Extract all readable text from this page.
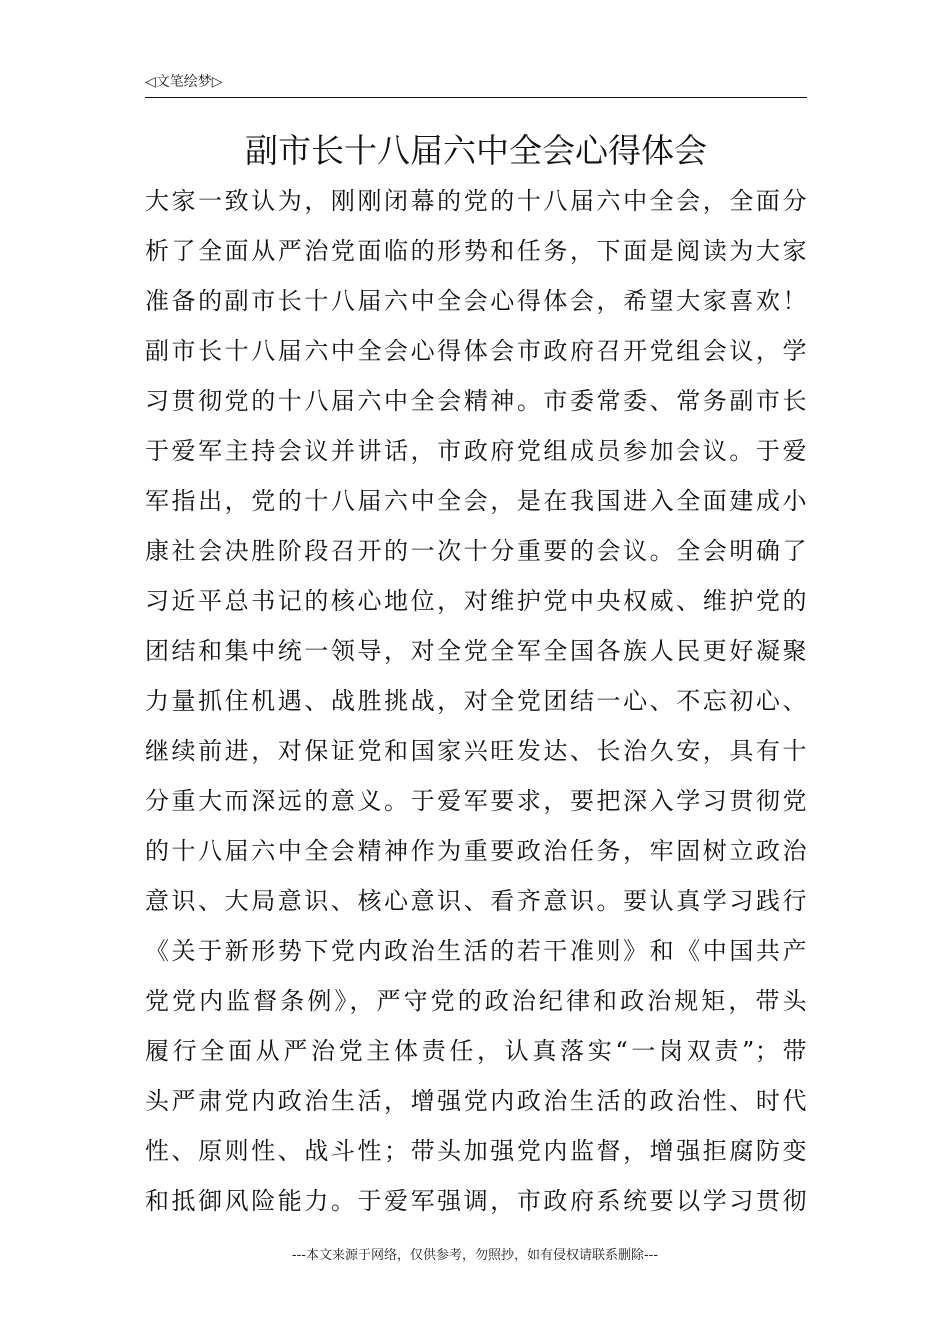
◁文笔绘梦▷
副市长十八届六中全会心得体会
大家一致认为，刚刚闭幕的党的十八届六中全会，全面分
析了全面从严治党面临的形势和任务，下面是阅读为大家
准备的副市长十八届六中全会心得体会，希望大家喜欢！
副市长十八届六中全会心得体会市政府召开党组会议，学
习贯彻党的十八届六中全会精神。市委常委、常务副市长
于爱军主持会议并讲话，市政府党组成员参加会议。于爱
军指出，党的十八届六中全会，是在我国进入全面建成小
康社会决胜阶段召开的一次十分重要的会议。全会明确了
习近平总书记的核心地位，对维护党中央权威、维护党的
团结和集中统一领导，对全党全军全国各族人民更好凝聚
力量抓住机遇、战胜挑战，对全党团结一心、不忘初心、
继续前进，对保证党和国家兴旺发达、长治久安，具有十
分重大而深远的意义。于爱军要求，要把深入学习贯彻党
的十八届六中全会精神作为重要政治任务，牢固树立政治
意识、大局意识、核心意识、看齐意识。要认真学习践行
《关于新形势下党内政治生活的若干准则》和《中国共产
党党内监督条例》，严守党的政治纪律和政治规矩，带头
履行全面从严治党主体责任，认真落实“一岗双责”；带
头严肃党内政治生活，增强党内政治生活的政治性、时代
性、原则性、战斗性；带头加强党内监督，增强拒腐防变
和抵御风险能力。于爱军强调，市政府系统要以学习贯彻
---本文来源于网络，仅供参考，勿照抄，如有侵权请联系删除---
